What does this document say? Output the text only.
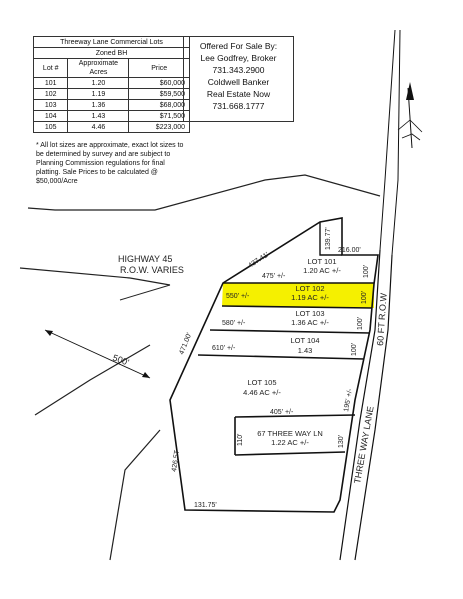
HIGHWAY 45
R.O.W. VARIES
500'
437.41'
471.00'
426.5T
131.75'
216.00'
139.77'
475' +/-
550' +/-
580' +/-
610' +/-
405' +/-
195' +/-
100'
100'
100'
100'
110'	130'
LOT 101
1.20 AC +/-
LOT 102
1.19 AC +/-
LOT 103
1.36 AC +/-
LOT 104
1.43
LOT 105
4.46 AC +/-
67 THREE WAY LN
1.22 AC +/-	THREE WAY LANE
60 FT R.O.W
Threeway Lane Commercial Lots		
Zoned BH		
Lot #	Approximate Acres	Price
101	1.20	$60,000
102	1.19	$59,500
103	1.36	$68,000
104	1.43	$71,500
105	4.46	$223,000
* All lot sizes are approximate, exact lot sizes to be determined by survey and are subject to Planning Commission regulations for final platting. Sale Prices to be calculated @ $50,000/Acre
Offered For Sale By:
Lee Godfrey, Broker
731.343.2900
Coldwell Banker
Real Estate Now
731.668.1777
